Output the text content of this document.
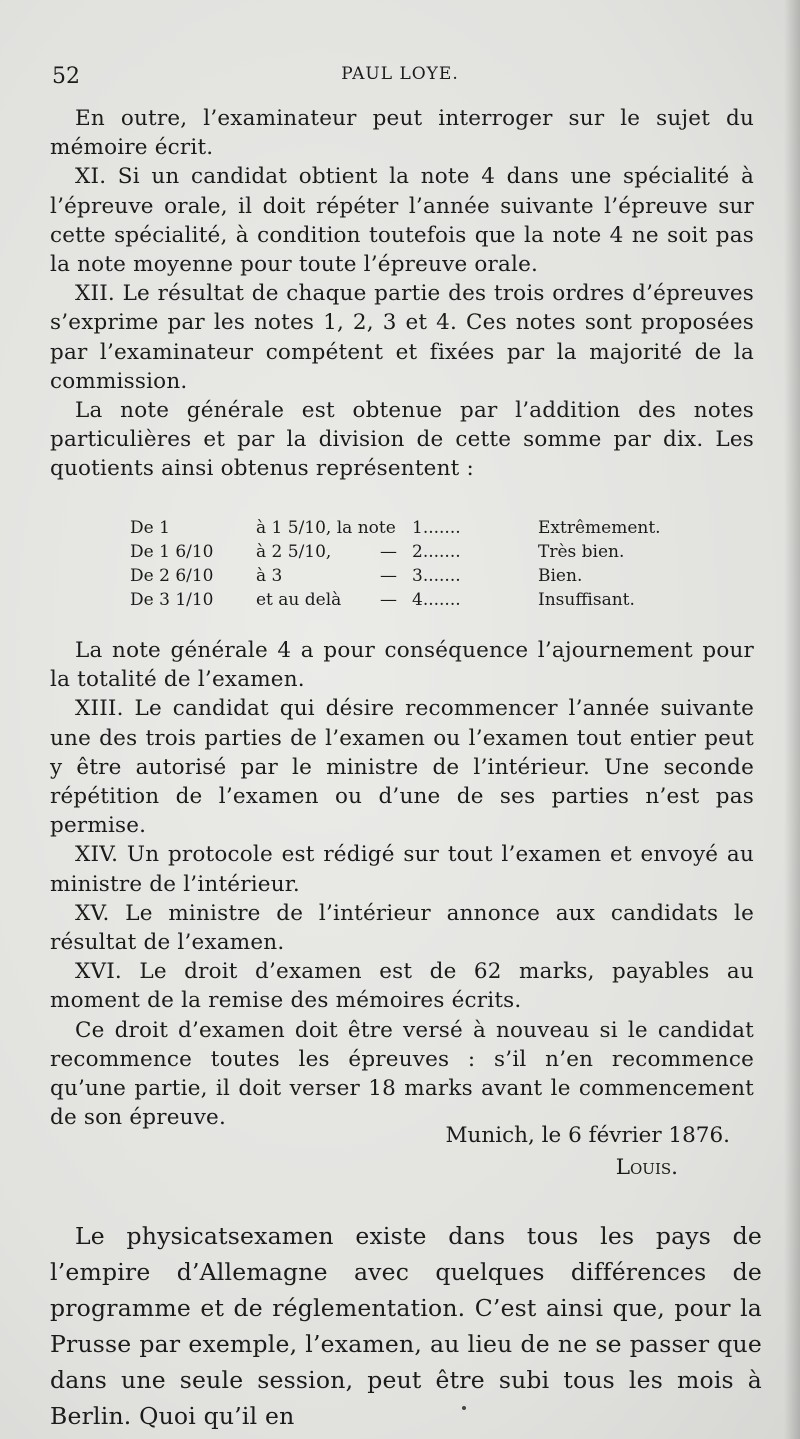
52	PAUL LOYE.

En outre, l’examinateur peut interroger sur le sujet du mémoire écrit.

XI. Si un candidat obtient la note 4 dans une spécialité à l’épreuve orale, il doit répéter l’année suivante l’épreuve sur cette spécialité, à condition toutefois que la note 4 ne soit pas la note moyenne pour toute l’épreuve orale.

XII. Le résultat de chaque partie des trois ordres d’épreuves s’exprime par les notes 1, 2, 3 et 4. Ces notes sont proposées par l’examinateur compétent et fixées par la majorité de la commission.

La note générale est obtenue par l’addition des notes particulières et par la division de cette somme par dix. Les quotients ainsi obtenus représentent :

De 1	à 1 5/10, la note 1.......	Extrêmement.
De 1 6/10	à 2 5/10,	— 2.......	Très bien.
De 2 6/10	à 3	— 3.......	Bien.
De 3 1/10	et au delà — 4.......	Insuffisant.

La note générale 4 a pour conséquence l’ajournement pour la totalité de l’examen.

XIII. Le candidat qui désire recommencer l’année suivante une des trois parties de l’examen ou l’examen tout entier peut y être autorisé par le ministre de l’intérieur. Une seconde répétition de l’examen ou d’une de ses parties n’est pas permise.

XIV. Un protocole est rédigé sur tout l’examen et envoyé au ministre de l’intérieur.

XV. Le ministre de l’intérieur annonce aux candidats le résultat de l’examen.

XVI. Le droit d’examen est de 62 marks, payables au moment de la remise des mémoires écrits.

Ce droit d’examen doit être versé à nouveau si le candidat recommence toutes les épreuves : s’il n’en recommence qu’une partie, il doit verser 18 marks avant le commencement de son épreuve.

Munich, le 6 février 1876.
Louis.

Le physicatsexamen existe dans tous les pays de l’empire d’Allemagne avec quelques différences de programme et de réglementation. C’est ainsi que, pour la Prusse par exemple, l’examen, au lieu de ne se passer que dans une seule session, peut être subi tous les mois à Berlin. Quoi qu’il en
